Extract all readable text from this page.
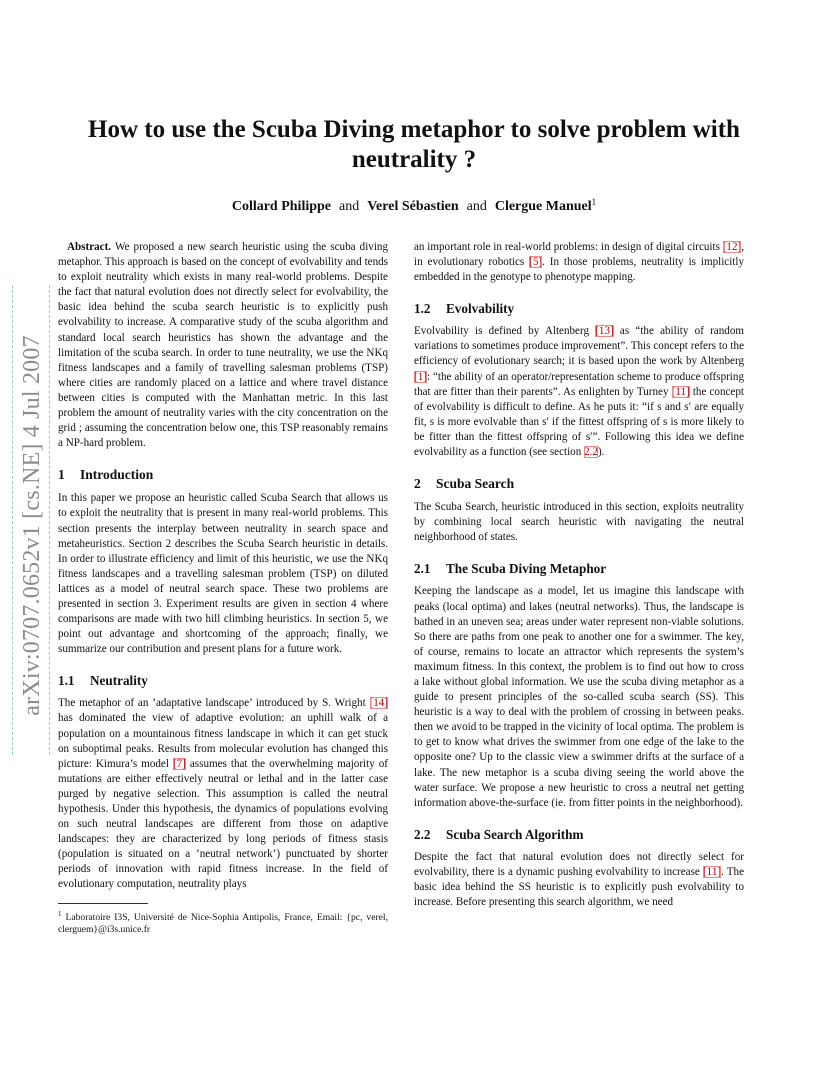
arXiv:0707.0652v1 [cs.NE] 4 Jul 2007
How to use the Scuba Diving metaphor to solve problem with neutrality ?
Collard Philippe and Verel Sébastien and Clergue Manuel$^1$

Abstract. We proposed a new search heuristic using the scuba diving metaphor. This approach is based on the concept of evolvability and tends to exploit neutrality which exists in many real-world problems. Despite the fact that natural evolution does not directly select for evolvability, the basic idea behind the scuba search heuristic is to explicitly push evolvability to increase. A comparative study of the scuba algorithm and standard local search heuristics has shown the advantage and the limitation of the scuba search. In order to tune neutrality, we use the NKq fitness landscapes and a family of travelling salesman problems (TSP) where cities are randomly placed on a lattice and where travel distance between cities is computed with the Manhattan metric. In this last problem the amount of neutrality varies with the city concentration on the grid ; assuming the concentration below one, this TSP reasonably remains a NP-hard problem.

1	Introduction

In this paper we propose an heuristic called Scuba Search that allows us to exploit the neutrality that is present in many real-world problems. This section presents the interplay between neutrality in search space and metaheuristics. Section 2 describes the Scuba Search heuristic in details. In order to illustrate efficiency and limit of this heuristic, we use the NKq fitness landscapes and a travelling salesman problem (TSP) on diluted lattices as a model of neutral search space. These two problems are presented in section 3. Experiment results are given in section 4 where comparisons are made with two hill climbing heuristics. In section 5, we point out advantage and shortcoming of the approach; finally, we summarize our contribution and present plans for a future work.

1.1	Neutrality

The metaphor of an ’adaptative landscape’ introduced by S. Wright [14] has dominated the view of adaptive evolution: an uphill walk of a population on a mountainous fitness landscape in which it can get stuck on suboptimal peaks. Results from molecular evolution has changed this picture: Kimura’s model [7] assumes that the overwhelming majority of mutations are either effectively neutral or lethal and in the latter case purged by negative selection. This assumption is called the neutral hypothesis. Under this hypothesis, the dynamics of populations evolving on such neutral landscapes are different from those on adaptive landscapes: they are characterized by long periods of fitness stasis (population is situated on a ’neutral network’) punctuated by shorter periods of innovation with rapid fitness increase. In the field of evolutionary computation, neutrality plays

$^1$ Laboratoire I3S, Université de Nice-Sophia Antipolis, France, Email: {pc, verel, clerguem}@i3s.unice.fr

an important role in real-world problems: in design of digital circuits [12], in evolutionary robotics [5]. In those problems, neutrality is implicitly embedded in the genotype to phenotype mapping.

1.2	Evolvability

Evolvability is defined by Altenberg [13] as “the ability of random variations to sometimes produce improvement”. This concept refers to the efficiency of evolutionary search; it is based upon the work by Altenberg [1]: “the ability of an operator/representation scheme to produce offspring that are fitter than their parents”. As enlighten by Turney [11] the concept of evolvability is difficult to define. As he puts it: “if s and s′ are equally fit, s is more evolvable than s′ if the fittest offspring of s is more likely to be fitter than the fittest offspring of s′”. Following this idea we define evolvability as a function (see section 2.2).

2	Scuba Search

The Scuba Search, heuristic introduced in this section, exploits neutrality by combining local search heuristic with navigating the neutral neighborhood of states.

2.1	The Scuba Diving Metaphor

Keeping the landscape as a model, let us imagine this landscape with peaks (local optima) and lakes (neutral networks). Thus, the landscape is bathed in an uneven sea; areas under water represent non-viable solutions. So there are paths from one peak to another one for a swimmer. The key, of course, remains to locate an attractor which represents the system’s maximum fitness. In this context, the problem is to find out how to cross a lake without global information. We use the scuba diving metaphor as a guide to present principles of the so-called scuba search (SS). This heuristic is a way to deal with the problem of crossing in between peaks. then we avoid to be trapped in the vicinity of local optima. The problem is to get to know what drives the swimmer from one edge of the lake to the opposite one? Up to the classic view a swimmer drifts at the surface of a lake. The new metaphor is a scuba diving seeing the world above the water surface. We propose a new heuristic to cross a neutral net getting information above-the-surface (ie. from fitter points in the neighborhood).

2.2	Scuba Search Algorithm

Despite the fact that natural evolution does not directly select for evolvability, there is a dynamic pushing evolvability to increase [11]. The basic idea behind the SS heuristic is to explicitly push evolvability to increase. Before presenting this search algorithm, we need
